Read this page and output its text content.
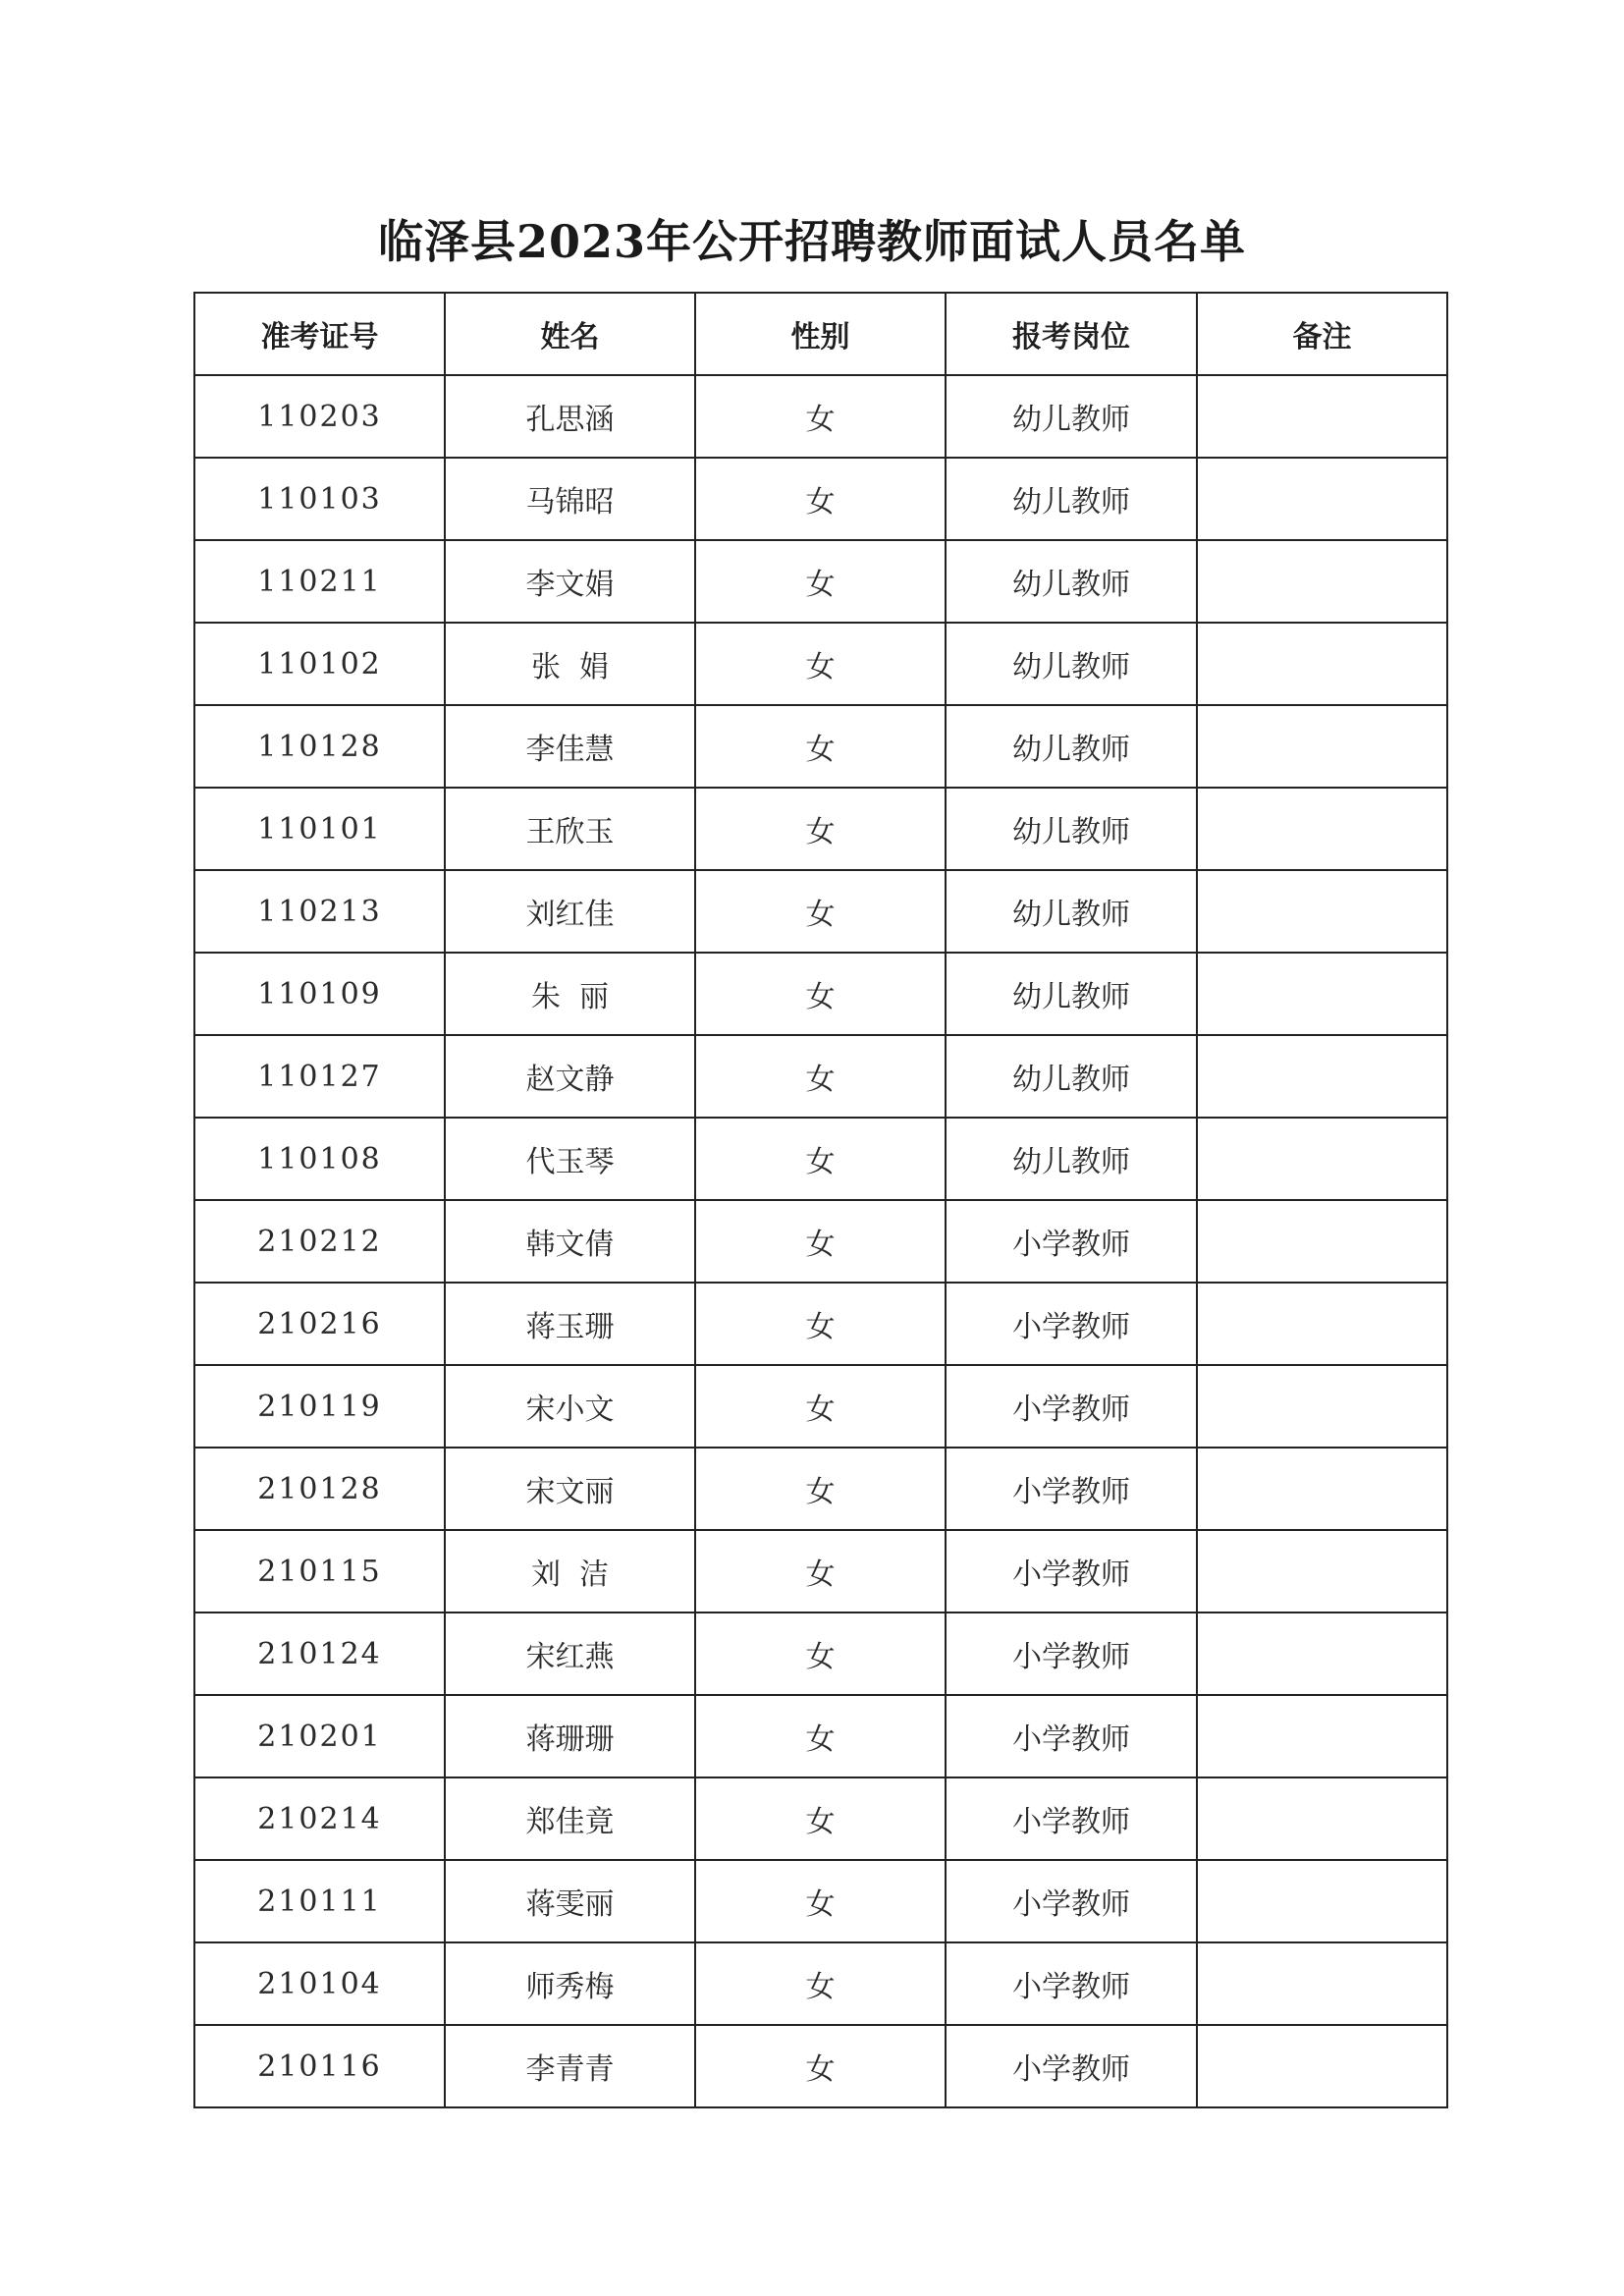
临泽县2023年公开招聘教师面试人员名单
准考证号	姓名	性别	报考岗位	备注
110203	孔思涵	女	幼儿教师	
110103	马锦昭	女	幼儿教师	
110211	李文娟	女	幼儿教师	
110102	张  娟	女	幼儿教师	
110128	李佳慧	女	幼儿教师	
110101	王欣玉	女	幼儿教师	
110213	刘红佳	女	幼儿教师	
110109	朱  丽	女	幼儿教师	
110127	赵文静	女	幼儿教师	
110108	代玉琴	女	幼儿教师	
210212	韩文倩	女	小学教师	
210216	蒋玉珊	女	小学教师	
210119	宋小文	女	小学教师	
210128	宋文丽	女	小学教师	
210115	刘  洁	女	小学教师	
210124	宋红燕	女	小学教师	
210201	蒋珊珊	女	小学教师	
210214	郑佳竟	女	小学教师	
210111	蒋雯丽	女	小学教师	
210104	师秀梅	女	小学教师	
210116	李青青	女	小学教师	
